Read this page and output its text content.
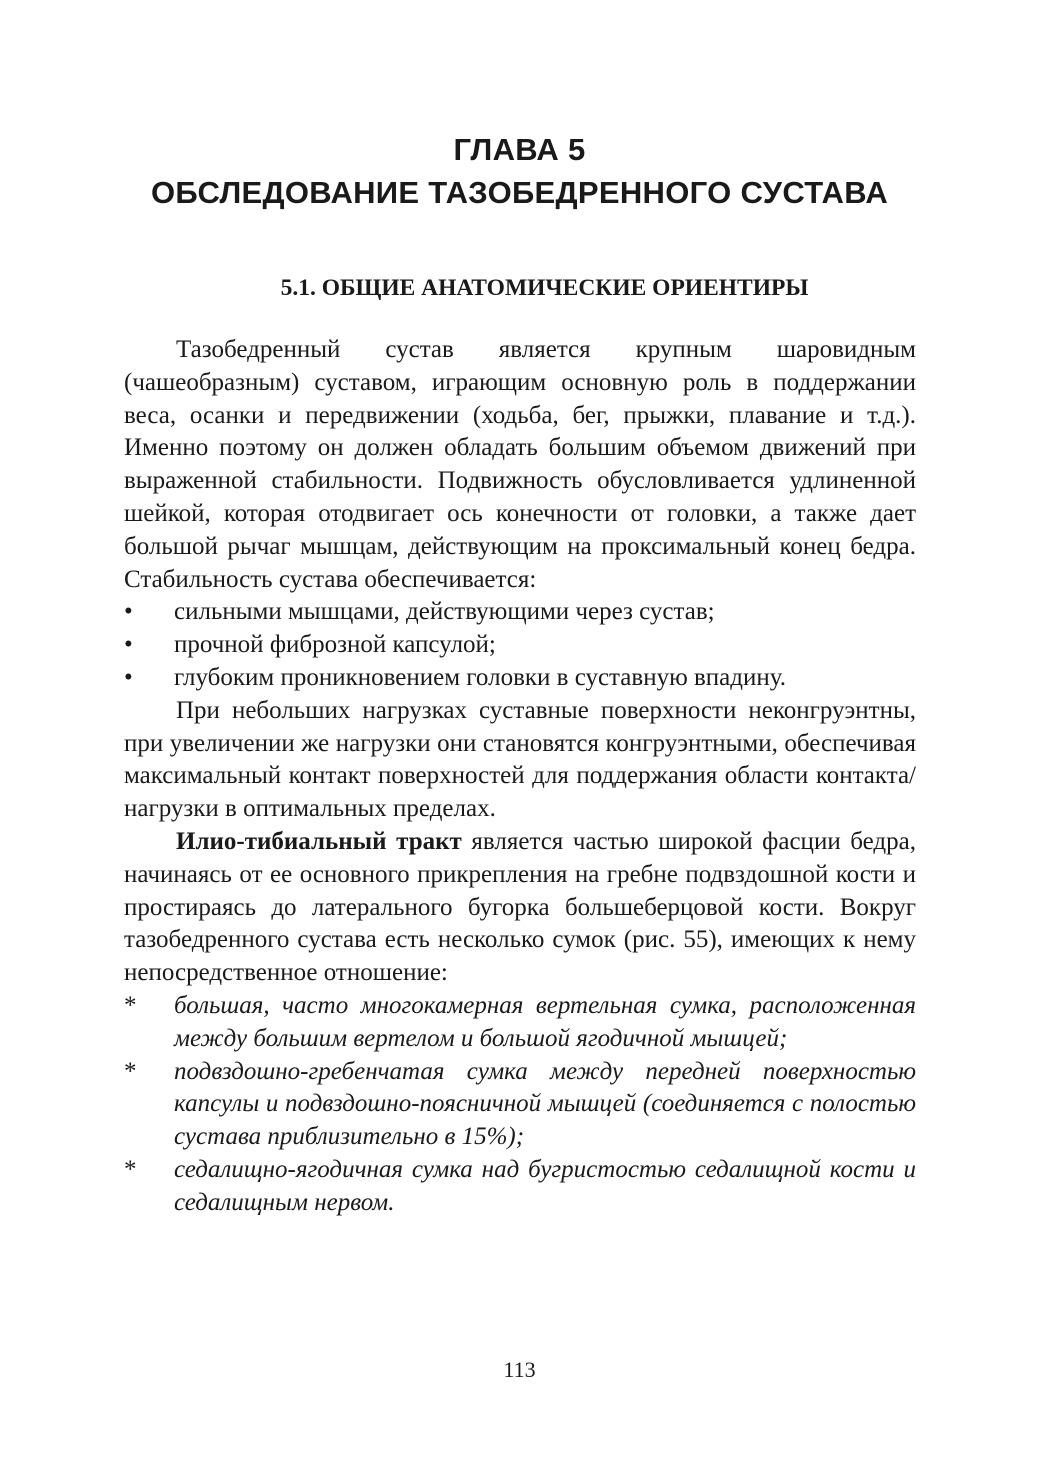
ГЛАВА 5
ОБСЛЕДОВАНИЕ ТАЗОБЕДРЕННОГО СУСТАВА
5.1. ОБЩИЕ АНАТОМИЧЕСКИЕ ОРИЕНТИРЫ

Тазобедренный сустав является крупным шаровидным (чашеобразным) суставом, играющим основную роль в поддержании веса, осанки и передвижении (ходьба, бег, прыжки, плавание и т.д.). Именно поэтому он должен обладать большим объемом движений при выраженной стабильности. Подвижность обусловливается удлиненной шейкой, которая отодвигает ось конечности от головки, а также дает большой рычаг мышцам, действующим на проксимальный конец бедра. Стабильность сустава обеспечивается:

• сильными мышцами, действующими через сустав;
• прочной фиброзной капсулой;
• глубоким проникновением головки в суставную впадину.

При небольших нагрузках суставные поверхности неконгруэнтны, при увеличении же нагрузки они становятся конгруэнтными, обеспечивая максимальный контакт поверхностей для поддержания области контакта/нагрузки в оптимальных пределах.

Илио-тибиальный тракт является частью широкой фасции бедра, начинаясь от ее основного прикрепления на гребне подвздошной кости и простираясь до латерального бугорка большеберцовой кости. Вокруг тазобедренного сустава есть несколько сумок (рис. 55), имеющих к нему непосредственное отношение:

* большая, часто многокамерная вертельная сумка, расположенная между большим вертелом и большой ягодичной мышцей;
* подвздошно-гребенчатая сумка между передней поверхностью капсулы и подвздошно-поясничной мышцей (соединяется с полостью сустава приблизительно в 15%);
* седалищно-ягодичная сумка над бугристостью седалищной кости и седалищным нервом.
113
